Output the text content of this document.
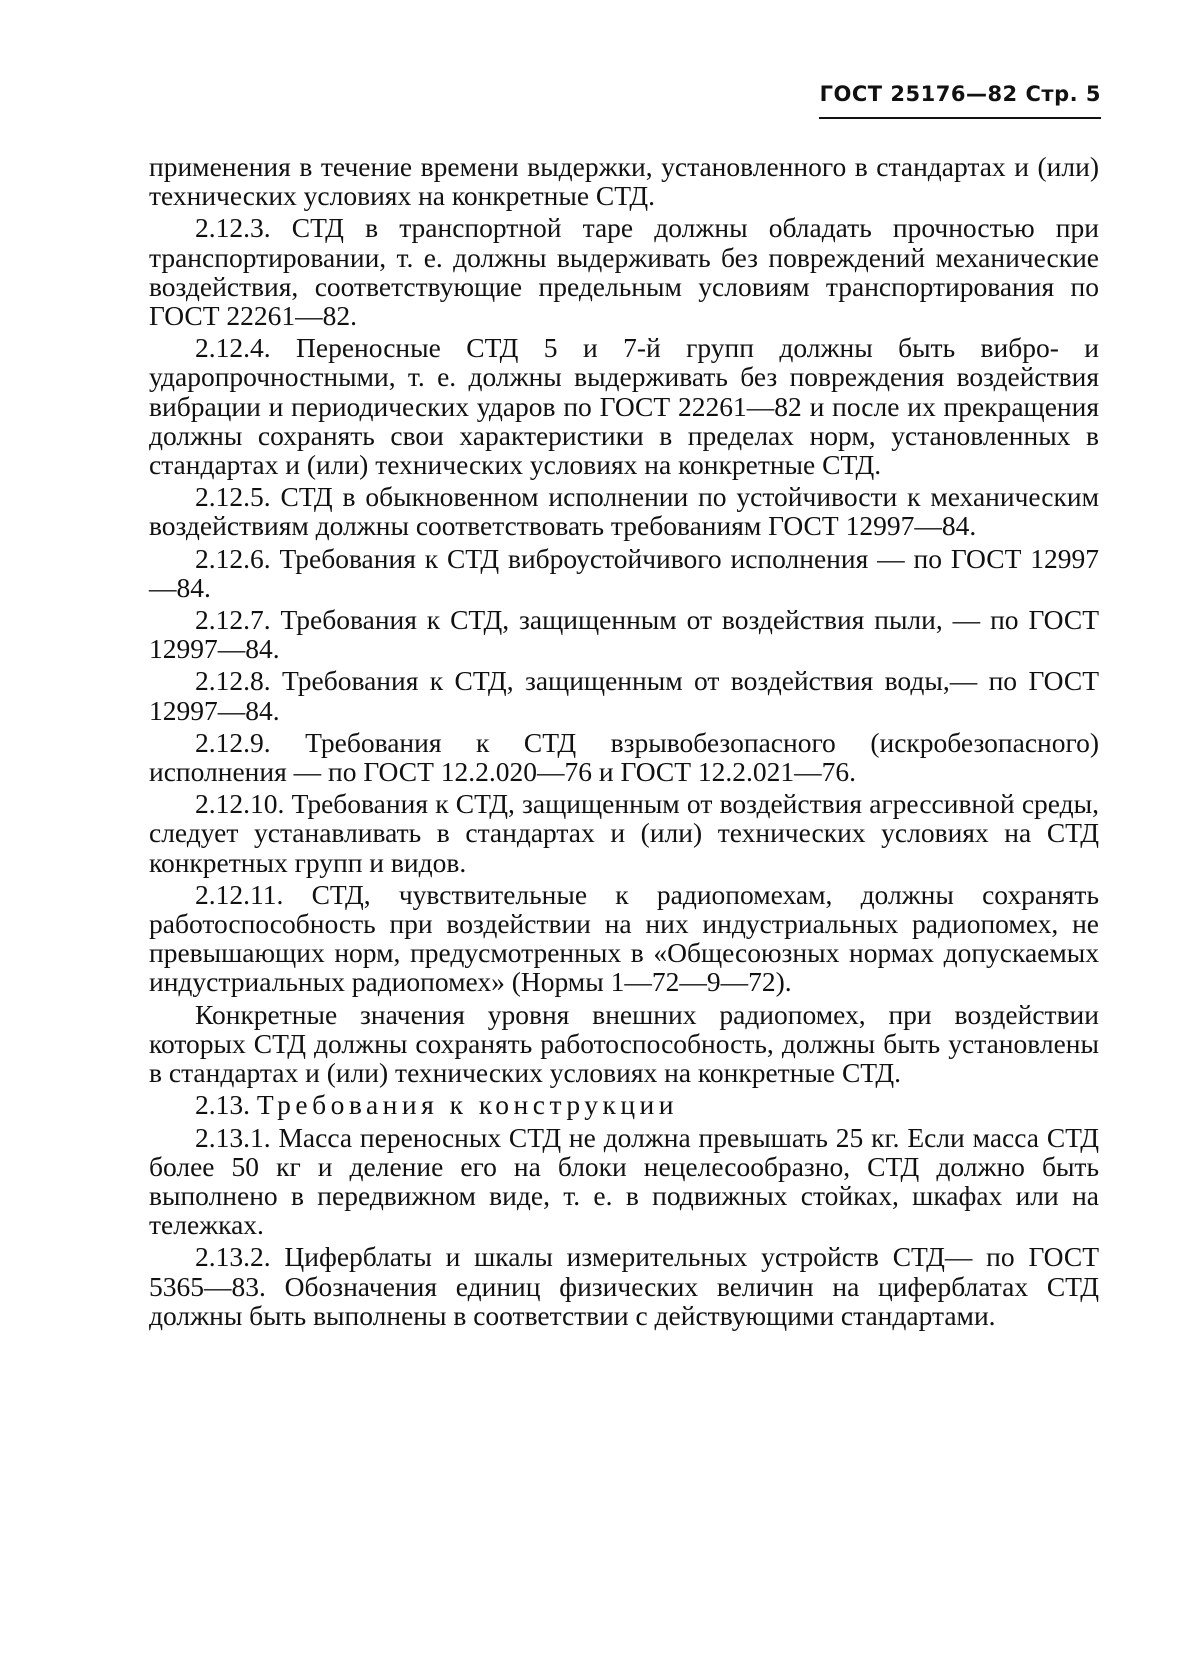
ГОСТ 25176—82 Стр. 5

применения в течение времени выдержки, установленного в стандартах и (или) технических условиях на конкретные СТД.

2.12.3. СТД в транспортной таре должны обладать прочностью при транспортировании, т. е. должны выдерживать без повреждений механические воздействия, соответствующие предельным условиям транспортирования по ГОСТ 22261—82.

2.12.4. Переносные СТД 5 и 7-й групп должны быть вибро- и ударопрочностными, т. е. должны выдерживать без повреждения воздействия вибрации и периодических ударов по ГОСТ 22261—82 и после их прекращения должны сохранять свои характеристики в пределах норм, установленных в стандартах и (или) технических условиях на конкретные СТД.

2.12.5. СТД в обыкновенном исполнении по устойчивости к механическим воздействиям должны соответствовать требованиям ГОСТ 12997—84.

2.12.6. Требования к СТД виброустойчивого исполнения — по ГОСТ 12997—84.

2.12.7. Требования к СТД, защищенным от воздействия пыли, — по ГОСТ 12997—84.

2.12.8. Требования к СТД, защищенным от воздействия воды,— по ГОСТ 12997—84.

2.12.9. Требования к СТД взрывобезопасного (искробезопасного) исполнения — по ГОСТ 12.2.020—76 и ГОСТ 12.2.021—76.

2.12.10. Требования к СТД, защищенным от воздействия агрессивной среды, следует устанавливать в стандартах и (или) технических условиях на СТД конкретных групп и видов.

2.12.11. СТД, чувствительные к радиопомехам, должны сохранять работоспособность при воздействии на них индустриальных радиопомех, не превышающих норм, предусмотренных в «Общесоюзных нормах допускаемых индустриальных радиопомех» (Нормы 1—72—9—72).

Конкретные значения уровня внешних радиопомех, при воздействии которых СТД должны сохранять работоспособность, должны быть установлены в стандартах и (или) технических условиях на конкретные СТД.

2.13. Требования к конструкции

2.13.1. Масса переносных СТД не должна превышать 25 кг. Если масса СТД более 50 кг и деление его на блоки нецелесообразно, СТД должно быть выполнено в передвижном виде, т. е. в подвижных стойках, шкафах или на тележках.

2.13.2. Циферблаты и шкалы измерительных устройств СТД— по ГОСТ 5365—83. Обозначения единиц физических величин на циферблатах СТД должны быть выполнены в соответствии с действующими стандартами.
